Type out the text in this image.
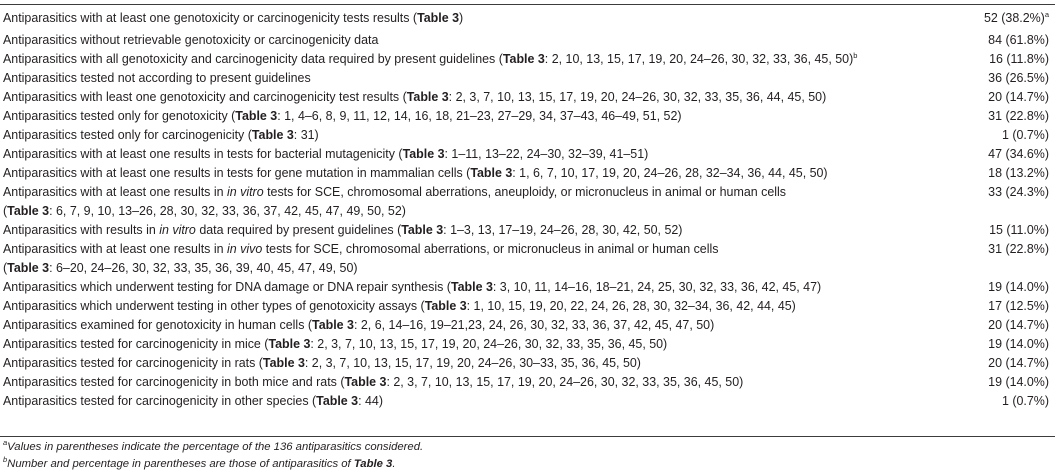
Antiparasitics with at least one genotoxicity or carcinogenicity tests results (Table 3)	52 $(38.2\%)^a$
Antiparasitics without retrievable genotoxicity or carcinogenicity data	84 (61.8%)
Antiparasitics with all genotoxicity and carcinogenicity data required by present guidelines (Table 3: 2, 10, 13, 15, 17, 19, 20, 24–26, 30, 32, 33, 36, 45, 50)$^b$	16 (11.8%)
Antiparasitics tested not according to present guidelines	36 (26.5%)
Antiparasitics with least one genotoxicity and carcinogenicity test results (Table 3: 2, 3, 7, 10, 13, 15, 17, 19, 20, 24–26, 30, 32, 33, 35, 36, 44, 45, 50)	20 (14.7%)
Antiparasitics tested only for genotoxicity (Table 3: 1, 4–6, 8, 9, 11, 12, 14, 16, 18, 21–23, 27–29, 34, 37–43, 46–49, 51, 52)	31 (22.8%)
Antiparasitics tested only for carcinogenicity (Table 3: 31)	1 (0.7%)
Antiparasitics with at least one results in tests for bacterial mutagenicity (Table 3: 1–11, 13–22, 24–30, 32–39, 41–51)	47 (34.6%)
Antiparasitics with at least one results in tests for gene mutation in mammalian cells (Table 3: 1, 6, 7, 10, 17, 19, 20, 24–26, 28, 32–34, 36, 44, 45, 50)	18 (13.2%)
Antiparasitics with at least one results in in vitro tests for SCE, chromosomal aberrations, aneuploidy, or micronucleus in animal or human cells
(Table 3: 6, 7, 9, 10, 13–26, 28, 30, 32, 33, 36, 37, 42, 45, 47, 49, 50, 52)
33 (24.3%)
Antiparasitics with results in in vitro data required by present guidelines (Table 3: 1–3, 13, 17–19, 24–26, 28, 30, 42, 50, 52)	15 (11.0%)
Antiparasitics with at least one results in in vivo tests for SCE, chromosomal aberrations, or micronucleus in animal or human cells
(Table 3: 6–20, 24–26, 30, 32, 33, 35, 36, 39, 40, 45, 47, 49, 50)
31 (22.8%)
Antiparasitics which underwent testing for DNA damage or DNA repair synthesis (Table 3: 3, 10, 11, 14–16, 18–21, 24, 25, 30, 32, 33, 36, 42, 45, 47)	19 (14.0%)
Antiparasitics which underwent testing in other types of genotoxicity assays (Table 3: 1, 10, 15, 19, 20, 22, 24, 26, 28, 30, 32–34, 36, 42, 44, 45)	17 (12.5%)
Antiparasitics examined for genotoxicity in human cells (Table 3: 2, 6, 14–16, 19–21,23, 24, 26, 30, 32, 33, 36, 37, 42, 45, 47, 50)	20 (14.7%)
Antiparasitics tested for carcinogenicity in mice (Table 3: 2, 3, 7, 10, 13, 15, 17, 19, 20, 24–26, 30, 32, 33, 35, 36, 45, 50)	19 (14.0%)
Antiparasitics tested for carcinogenicity in rats (Table 3: 2, 3, 7, 10, 13, 15, 17, 19, 20, 24–26, 30–33, 35, 36, 45, 50)	20 (14.7%)
Antiparasitics tested for carcinogenicity in both mice and rats (Table 3: 2, 3, 7, 10, 13, 15, 17, 19, 20, 24–26, 30, 32, 33, 35, 36, 45, 50)	19 (14.0%)
Antiparasitics tested for carcinogenicity in other species (Table 3: 44)	1 (0.7%)
$^a$Values in parentheses indicate the percentage of the 136 antiparasitics considered.
$^b$Number and percentage in parentheses are those of antiparasitics of Table 3.
